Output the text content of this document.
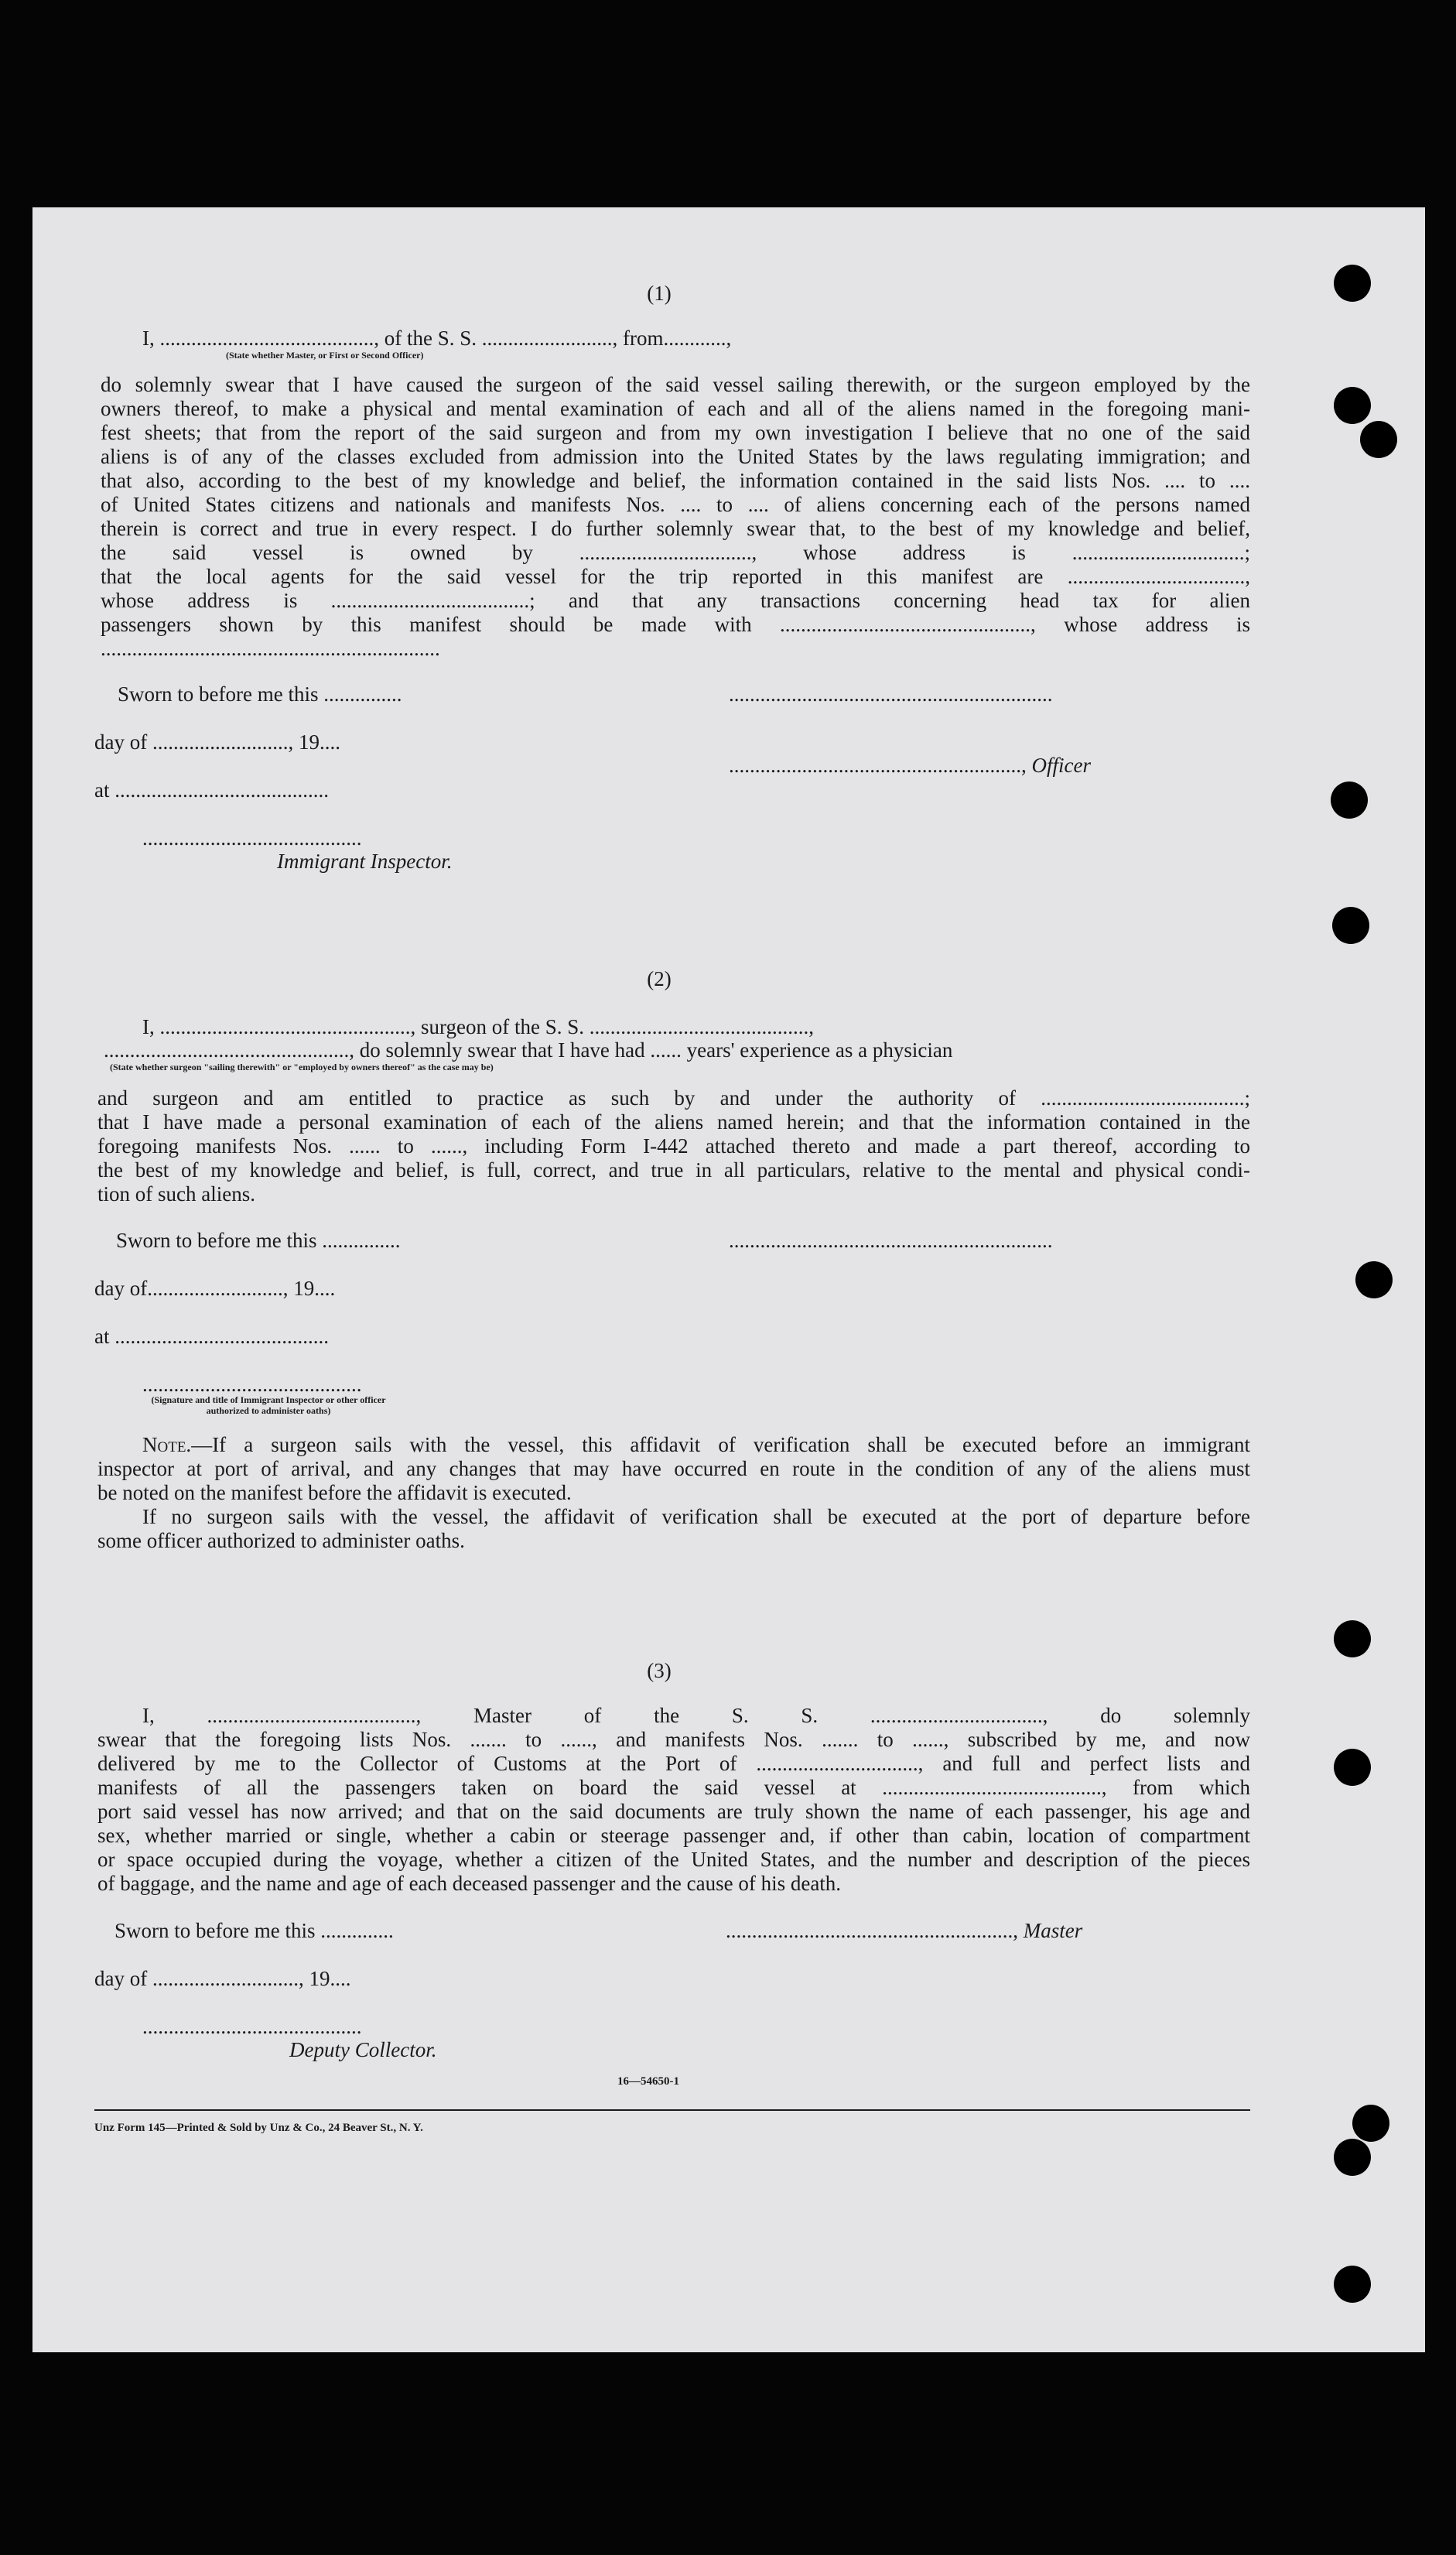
(1)
I, ........................................., of the S. S. ........................., from............,
(State whether Master, or First or Second Officer)
do solemnly swear that I have caused the surgeon of the said vessel sailing therewith, or the surgeon employed by the
owners thereof, to make a physical and mental examination of each and all of the aliens named in the foregoing mani-
fest sheets; that from the report of the said surgeon and from my own investigation I believe that no one of the said
aliens is of any of the classes excluded from admission into the United States by the laws regulating immigration; and
that also, according to the best of my knowledge and belief, the information contained in the said lists Nos. .... to ....
of United States citizens and nationals and manifests Nos. .... to .... of aliens concerning each of the persons named
therein is correct and true in every respect. I do further solemnly swear that, to the best of my knowledge and belief,
the said vessel is owned by ................................., whose address is .................................;
that the local agents for the said vessel for the trip reported in this manifest are ..................................,
whose address is ......................................; and that any transactions concerning head tax for alien
passengers shown by this manifest should be made with ................................................, whose address is
.................................................................
Sworn to before me this ...............	..............................................................
day of .........................., 19....
........................................................, Officer
at .........................................
..........................................
Immigrant Inspector.
(2)
I, ................................................, surgeon of the S. S. ..........................................,
..............................................., do solemnly swear that I have had ...... years' experience as a physician
(State whether surgeon "sailing therewith" or "employed by owners thereof" as the case may be)
and surgeon and am entitled to practice as such by and under the authority of .......................................;
that I have made a personal examination of each of the aliens named herein; and that the information contained in the
foregoing manifests Nos. ...... to ......, including Form I-442 attached thereto and made a part thereof, according to
the best of my knowledge and belief, is full, correct, and true in all particulars, relative to the mental and physical condi-
tion of such aliens.
Sworn to before me this ...............	..............................................................
day of.........................., 19....
at .........................................
..........................................
(Signature and title of Immigrant Inspector or other officer authorized to administer oaths)
Note.—If a surgeon sails with the vessel, this affidavit of verification shall be executed before an immigrant
inspector at port of arrival, and any changes that may have occurred en route in the condition of any of the aliens must
be noted on the manifest before the affidavit is executed.
If no surgeon sails with the vessel, the affidavit of verification shall be executed at the port of departure before
some officer authorized to administer oaths.
(3)
I, ........................................, Master of the S. S. ................................., do solemnly
swear that the foregoing lists Nos. ....... to ......, and manifests Nos. ....... to ......, subscribed by me, and now
delivered by me to the Collector of Customs at the Port of ..............................., and full and perfect lists and
manifests of all the passengers taken on board the said vessel at .........................................., from which
port said vessel has now arrived; and that on the said documents are truly shown the name of each passenger, his age and
sex, whether married or single, whether a cabin or steerage passenger and, if other than cabin, location of compartment
or space occupied during the voyage, whether a citizen of the United States, and the number and description of the pieces
of baggage, and the name and age of each deceased passenger and the cause of his death.
Sworn to before me this ..............	......................................................., Master
day of ............................, 19....
..........................................
Deputy Collector.
16—54650-1
Unz Form 145—Printed & Sold by Unz & Co., 24 Beaver St., N. Y.
